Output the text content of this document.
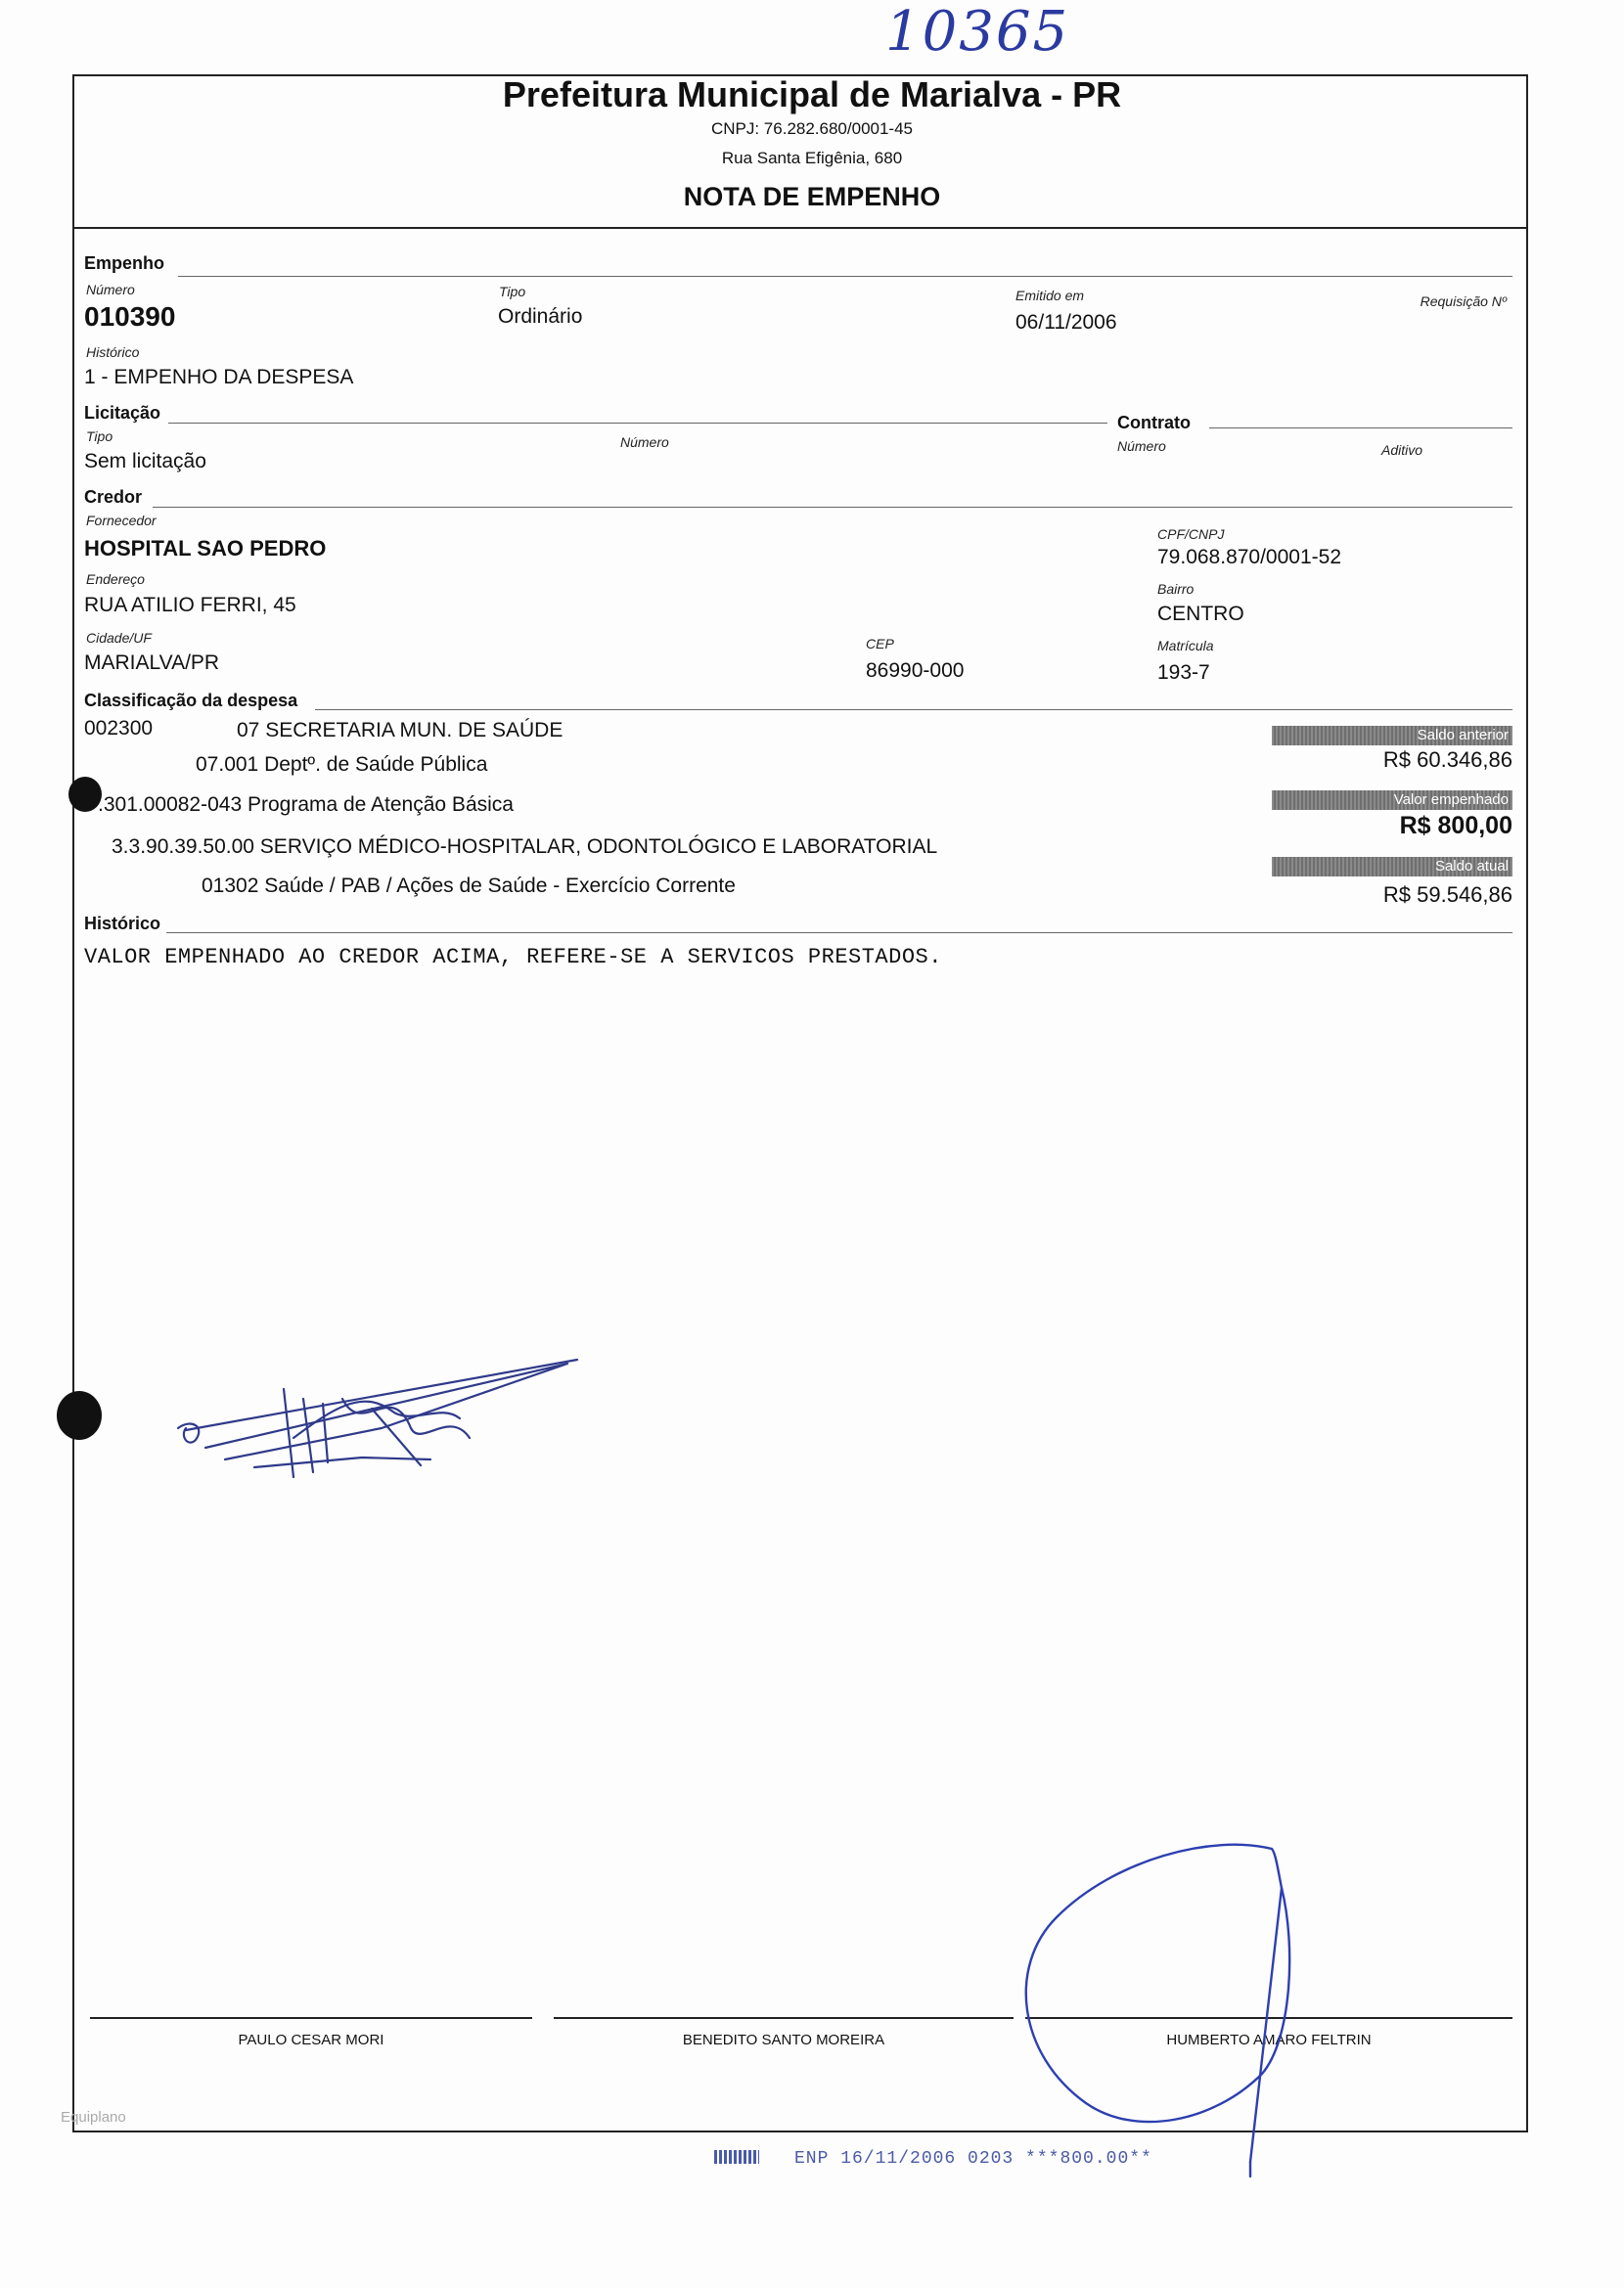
10365
Prefeitura Municipal de Marialva - PR
CNPJ: 76.282.680/0001-45
Rua Santa Efigênia, 680
NOTA DE EMPENHO
Empenho
Número
010390
Tipo
Ordinário
Emitido em
06/11/2006
Requisição Nº
Histórico
1 - EMPENHO DA DESPESA
Licitação	Contrato
Tipo
Sem licitação
Número	Número	Aditivo
Credor
Fornecedor
HOSPITAL SAO PEDRO
CPF/CNPJ
79.068.870/0001-52
Endereço
RUA ATILIO FERRI, 45
Bairro
CENTRO
Cidade/UF
MARIALVA/PR
CEP
86990-000
Matrícula
193-7
Classificação da despesa
002300	07 SECRETARIA MUN. DE SAÚDE
07.001 Deptº. de Saúde Pública
.301.00082-043 Programa de Atenção Básica
3.3.90.39.50.00 SERVIÇO MÉDICO-HOSPITALAR, ODONTOLÓGICO E LABORATORIAL
01302 Saúde / PAB / Ações de Saúde - Exercício Corrente
Saldo anterior
R$ 60.346,86
Valor empenhado
R$ 800,00
Saldo atual
R$ 59.546,86
Histórico
VALOR EMPENHADO AO CREDOR ACIMA, REFERE-SE A SERVICOS PRESTADOS.
PAULO CESAR MORI	BENEDITO SANTO MOREIRA	HUMBERTO AMARO FELTRIN
Equiplano
ENP 16/11/2006 0203 ***800.00**
